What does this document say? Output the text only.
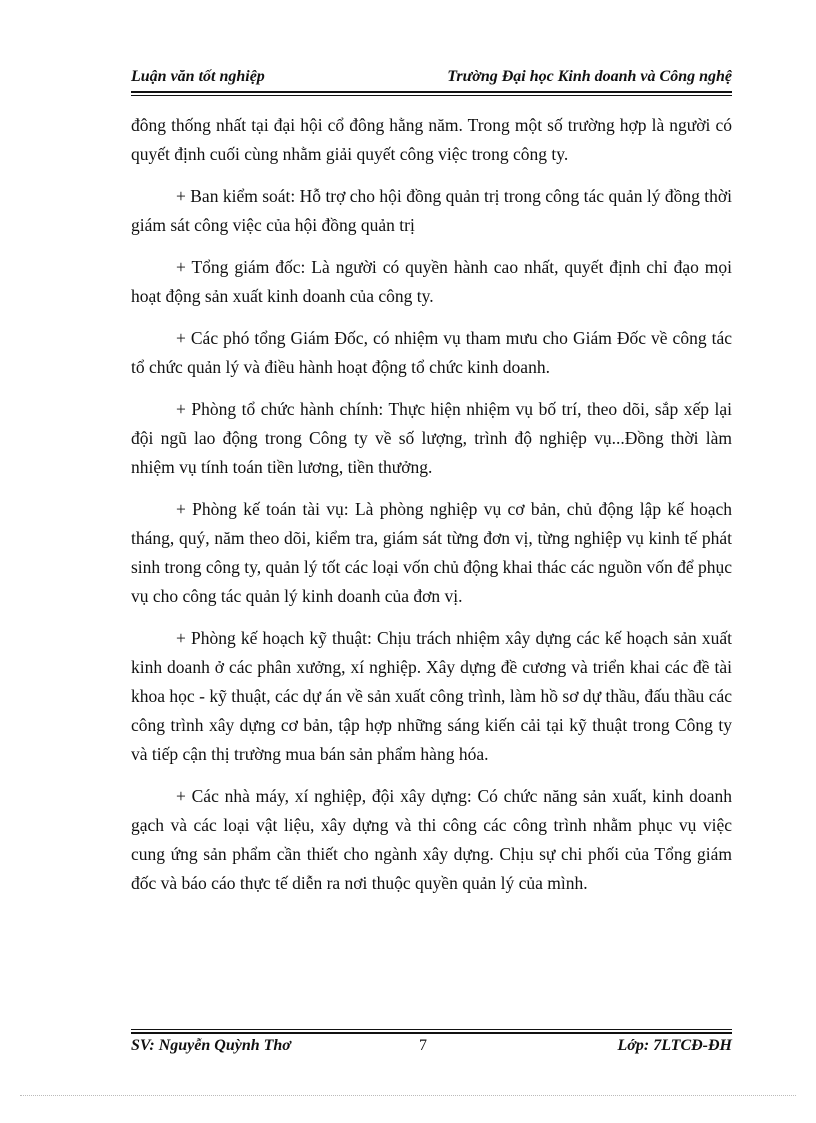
Luận văn tốt nghiệp	Trường Đại học Kinh doanh và Công nghệ

đông thống nhất tại đại hội cổ đông hằng năm. Trong một số trường hợp là người có quyết định cuối cùng nhằm giải quyết công việc trong công ty.

+ Ban kiểm soát: Hỗ trợ cho hội đồng quản trị trong công tác quản lý đồng thời giám sát công việc của hội đồng quản trị

+ Tổng giám đốc: Là người có quyền hành cao nhất, quyết định chỉ đạo mọi hoạt động sản xuất kinh doanh của công ty.

+ Các phó tổng Giám Đốc, có nhiệm vụ tham mưu cho Giám Đốc về công tác tổ chức quản lý và điều hành hoạt động tổ chức kinh doanh.

+ Phòng tổ chức hành chính: Thực hiện nhiệm vụ bố trí, theo dõi, sắp xếp lại đội ngũ lao động trong Công ty về số lượng, trình độ nghiệp vụ...Đồng thời làm nhiệm vụ tính toán tiền lương, tiền thưởng.

+ Phòng kế toán tài vụ: Là phòng nghiệp vụ cơ bản, chủ động lập kế hoạch tháng, quý, năm theo dõi, kiểm tra, giám sát từng đơn vị, từng nghiệp vụ kinh tế phát sinh trong công ty, quản lý tốt các loại vốn chủ động khai thác các nguồn vốn để phục vụ cho công tác quản lý kinh doanh của đơn vị.

+ Phòng kế hoạch kỹ thuật: Chịu trách nhiệm xây dựng các kế hoạch sản xuất kinh doanh ở các phân xưởng, xí nghiệp. Xây dựng đề cương và triển khai các đề tài khoa học - kỹ thuật, các dự án về sản xuất công trình, làm hồ sơ dự thầu, đấu thầu các công trình xây dựng cơ bản, tập hợp những sáng kiến cải tại kỹ thuật trong Công ty và tiếp cận thị trường mua bán sản phẩm hàng hóa.

+ Các nhà máy, xí nghiệp, đội xây dựng: Có chức năng sản xuất, kinh doanh gạch và các loại vật liệu, xây dựng và thi công các công trình nhằm phục vụ việc cung ứng sản phẩm cần thiết cho ngành xây dựng. Chịu sự chi phối của Tổng giám đốc và báo cáo thực tế diễn ra nơi thuộc quyền quản lý của mình.

SV: Nguyễn Quỳnh Thơ	7	Lớp: 7LTCĐ-ĐH
